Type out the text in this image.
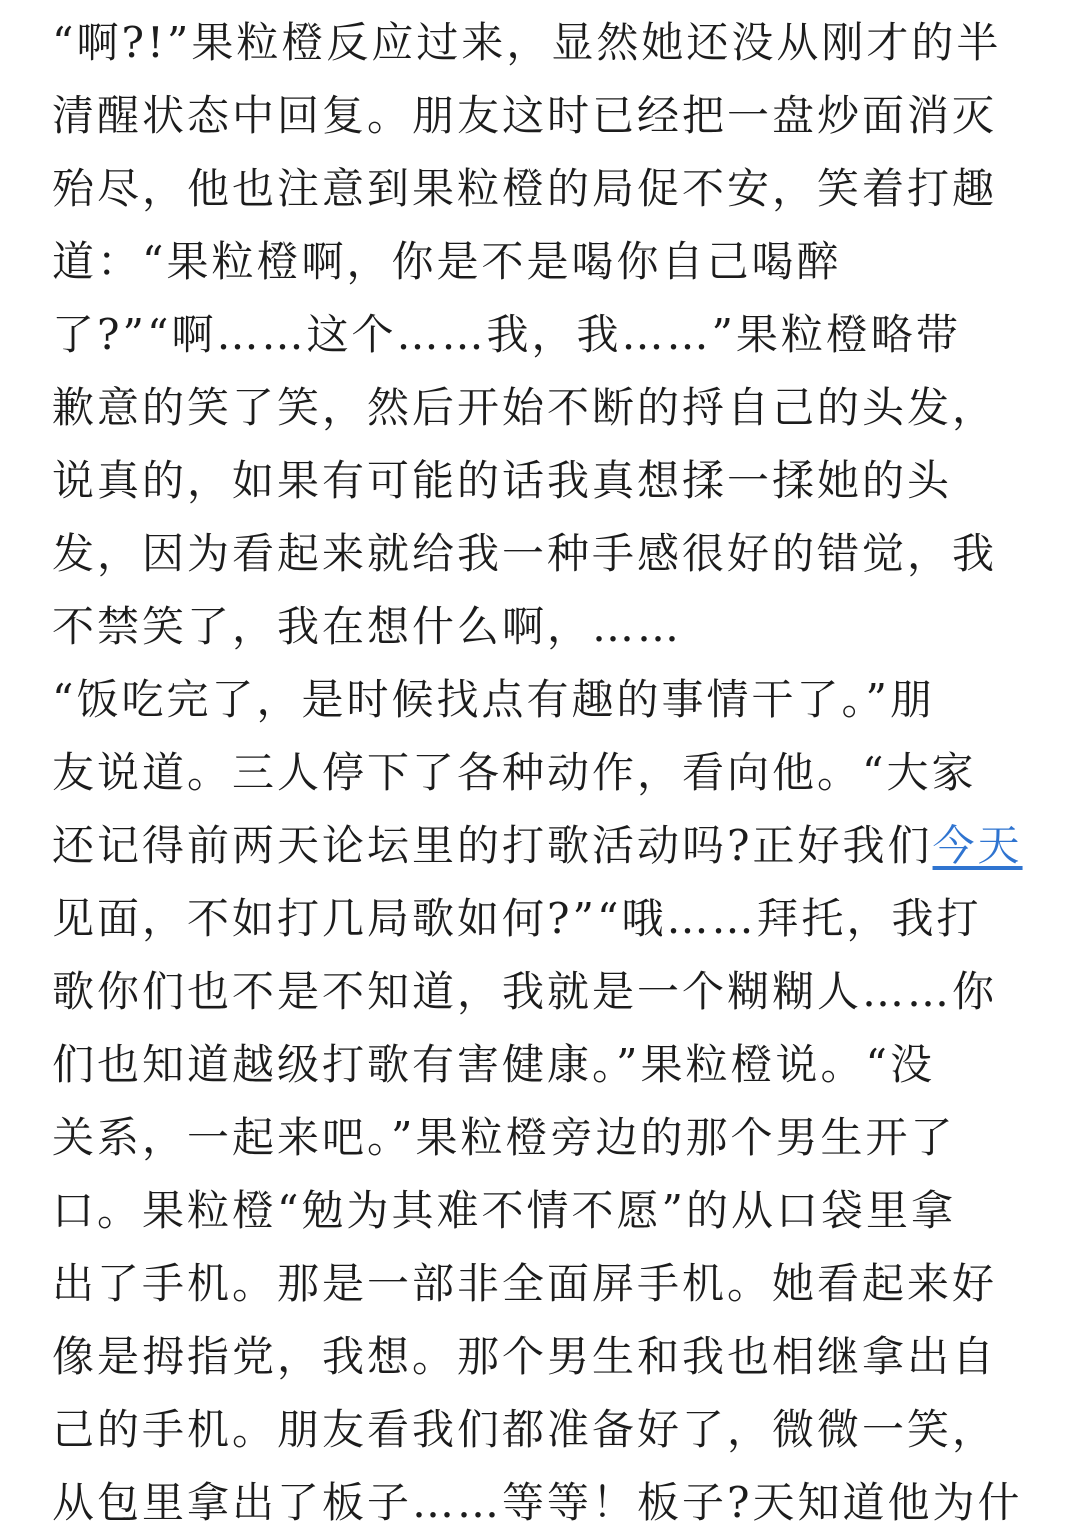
“啊?!”果粒橙反应过来，显然她还没从刚才的半
清醒状态中回复。朋友这时已经把一盘炒面消灭
殆尽，他也注意到果粒橙的局促不安，笑着打趣
道：“果粒橙啊，你是不是喝你自己喝醉
了?”“啊……这个……我，我……”果粒橙略带
歉意的笑了笑，然后开始不断的捋自己的头发，
说真的，如果有可能的话我真想揉一揉她的头
发，因为看起来就给我一种手感很好的错觉，我
不禁笑了，我在想什么啊，……

“饭吃完了，是时候找点有趣的事情干了。”朋
友说道。三人停下了各种动作，看向他。“大家
还记得前两天论坛里的打歌活动吗?正好我们今天
见面，不如打几局歌如何?”“哦……拜托，我打
歌你们也不是不知道，我就是一个糊糊人……你
们也知道越级打歌有害健康。”果粒橙说。“没
关系，一起来吧。”果粒橙旁边的那个男生开了
口。果粒橙“勉为其难不情不愿”的从口袋里拿
出了手机。那是一部非全面屏手机。她看起来好
像是拇指党，我想。那个男生和我也相继拿出自
己的手机。朋友看我们都准备好了，微微一笑，
从包里拿出了板子……等等！板子?天知道他为什
